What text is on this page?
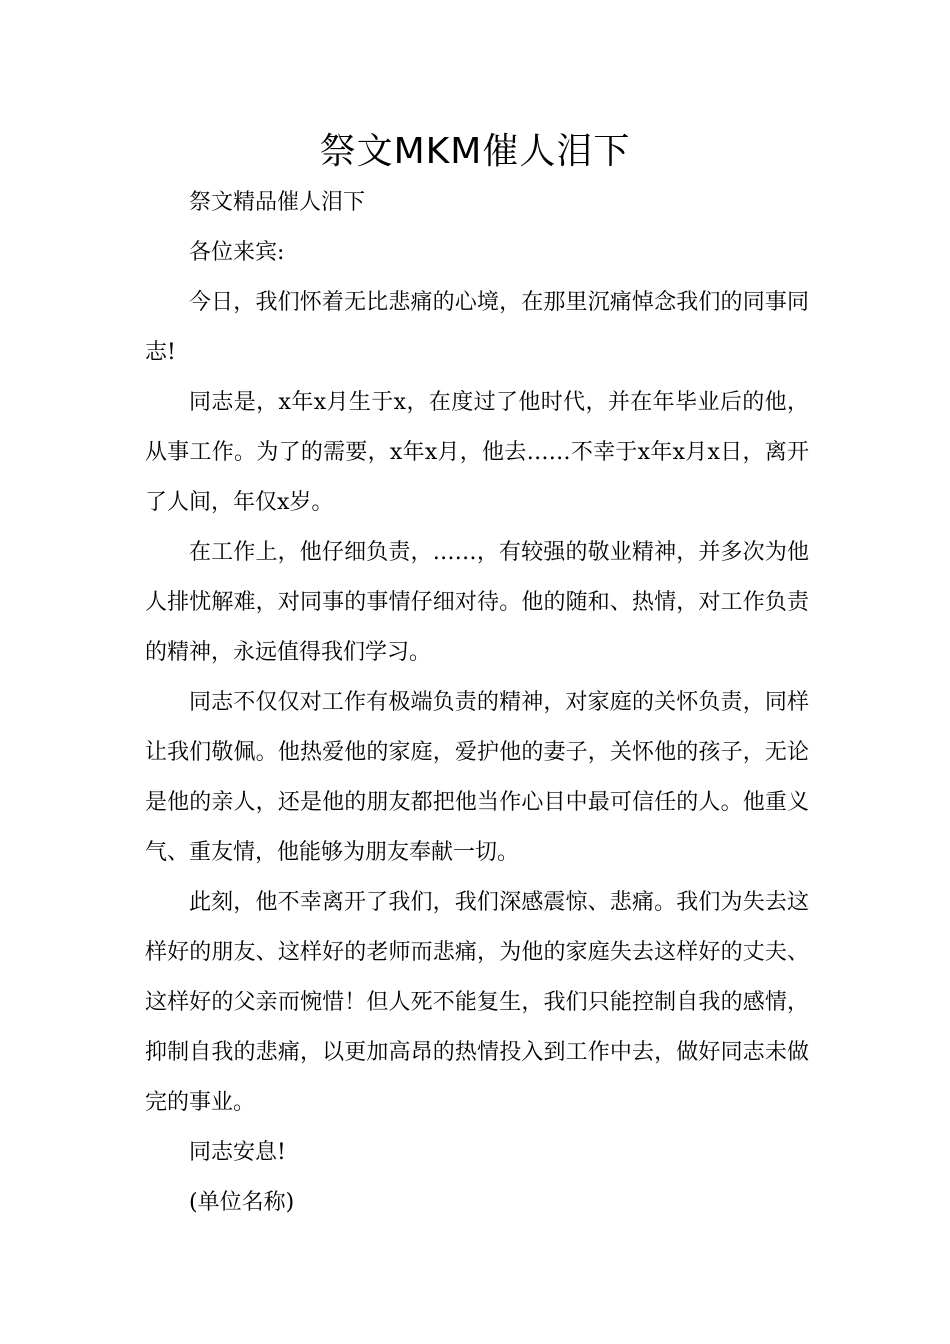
祭文MKM催人泪下

祭文精品催人泪下

各位来宾:

今日，我们怀着无比悲痛的心境，在那里沉痛悼念我们的同事同志!

同志是，x年x月生于x，在度过了他时代，并在年毕业后的他，从事工作。为了的需要，x年x月，他去……不幸于x年x月x日，离开了人间，年仅x岁。

在工作上，他仔细负责，……，有较强的敬业精神，并多次为他人排忧解难，对同事的事情仔细对待。他的随和、热情，对工作负责的精神，永远值得我们学习。

同志不仅仅对工作有极端负责的精神，对家庭的关怀负责，同样让我们敬佩。他热爱他的家庭，爱护他的妻子，关怀他的孩子，无论是他的亲人，还是他的朋友都把他当作心目中最可信任的人。他重义气、重友情，他能够为朋友奉献一切。

此刻，他不幸离开了我们，我们深感震惊、悲痛。我们为失去这样好的朋友、这样好的老师而悲痛，为他的家庭失去这样好的丈夫、这样好的父亲而惋惜！但人死不能复生，我们只能控制自我的感情，抑制自我的悲痛，以更加高昂的热情投入到工作中去，做好同志未做完的事业。

同志安息!

(单位名称)
